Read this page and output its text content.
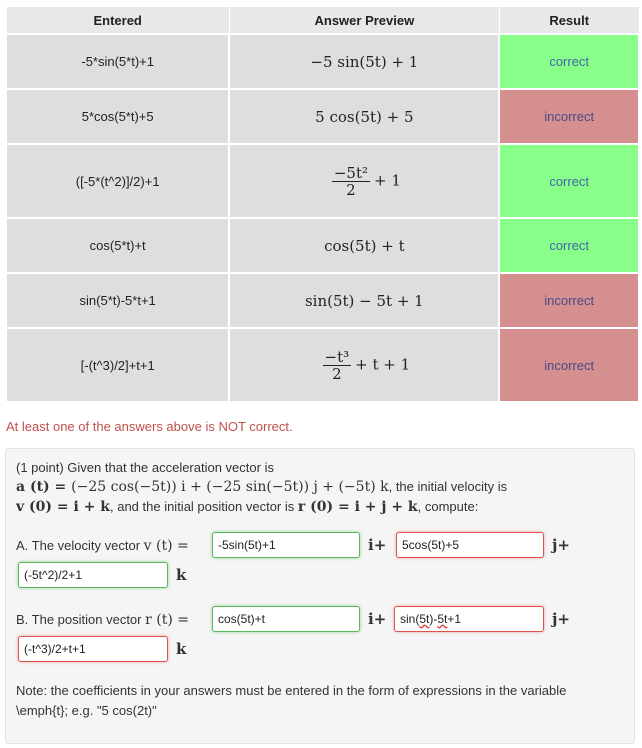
Entered	Answer Preview	Result
-5*sin(5*t)+1	−5 sin(5t) + 1	correct
5*cos(5*t)+5	5 cos(5t) + 5	incorrect
([-5*(t^2)]/2)+1	$\frac{\text{−5t²}}{2} + 1$	correct
cos(5*t)+t	cos(5t) + t	correct
sin(5*t)-5*t+1	sin(5t) − 5t + 1	incorrect
[-(t^3)/2]+t+1	$\frac{\text{−t³}}{2} + t + 1$	incorrect
At least one of the answers above is NOT correct.
(1 point) Given that the acceleration vector is
a (t) = (−25 cos(−5t)) i + (−25 sin(−5t)) j + (−5t) k, the initial velocity is
v (0) = i + k, and the initial position vector is r (0) = i + j + k, compute:
A. The velocity vector v (t) =	-5sin(5t)+1	i+	5cos(5t)+5	j+
(-5t^2)/2+1	k
B. The position vector r (t) =	cos(5t)+t	i+	sin(5t)-5t+1	j+
(-t^3)/2+t+1	k
Note: the coefficients in your answers must be entered in the form of expressions in the variable
\emph{t}; e.g. "5 cos(2t)"
